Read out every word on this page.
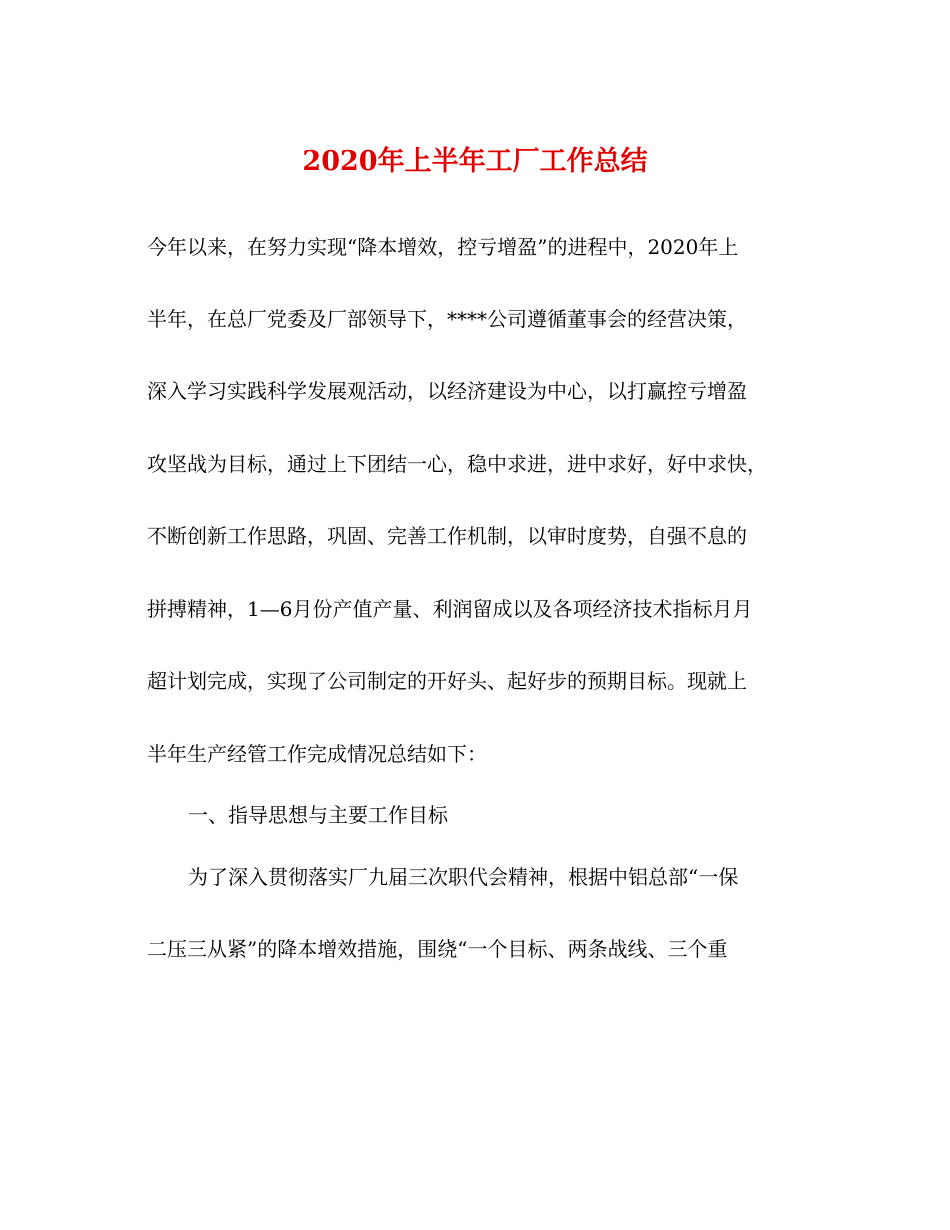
2020年上半年工厂工作总结
今年以来，在努力实现“降本增效，控亏增盈”的进程中，2020年上
半年，在总厂党委及厂部领导下，****公司遵循董事会的经营决策，
深入学习实践科学发展观活动，以经济建设为中心，以打赢控亏增盈
攻坚战为目标，通过上下团结一心，稳中求进，进中求好，好中求快，
不断创新工作思路，巩固、完善工作机制，以审时度势，自强不息的
拼搏精神，1—6月份产值产量、利润留成以及各项经济技术指标月月
超计划完成，实现了公司制定的开好头、起好步的预期目标。现就上
半年生产经管工作完成情况总结如下：
一、指导思想与主要工作目标
为了深入贯彻落实厂九届三次职代会精神，根据中铝总部“一保
二压三从紧”的降本增效措施，围绕“一个目标、两条战线、三个重
